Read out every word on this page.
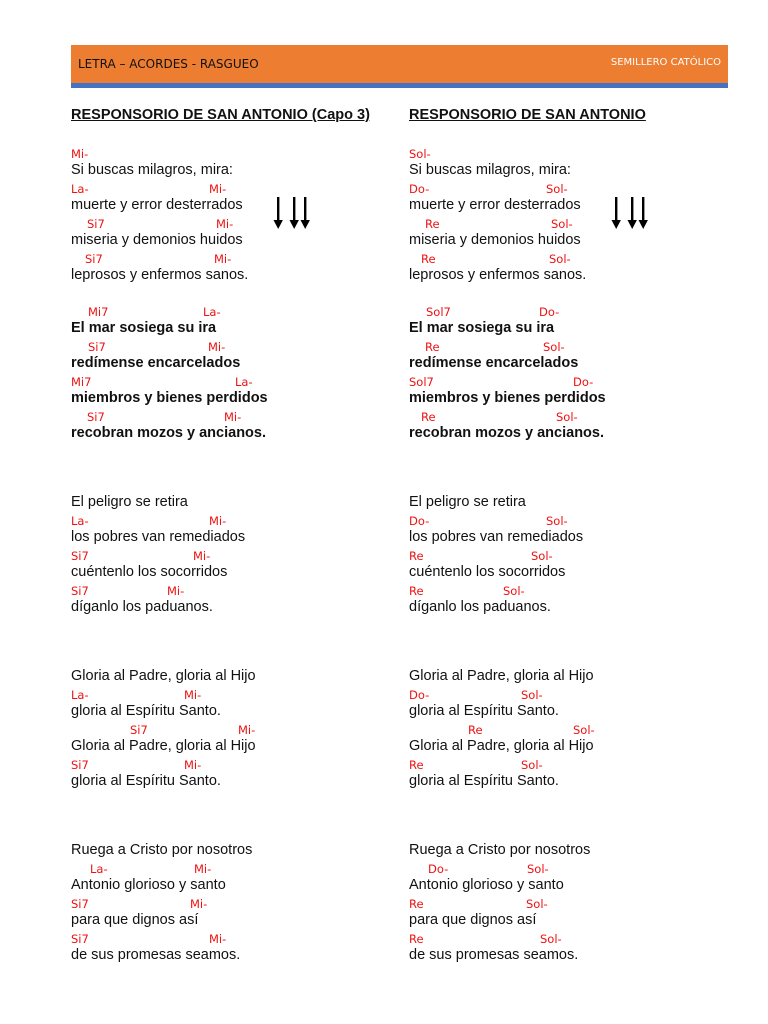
LETRA – ACORDES - RASGUEO	SEMILLERO CATÓLICO
RESPONSORIO DE SAN ANTONIO (Capo 3)
Mi-
Si buscas milagros, mira:
La-	Mi-
muerte y error desterrados
Si7	Mi-
miseria y demonios huidos
Si7	Mi-
leprosos y enfermos sanos.
Mi7	La-
El mar sosiega su ira
Si7	Mi-
redímense encarcelados
Mi7	La-
miembros y bienes perdidos
Si7	Mi-
recobran mozos y ancianos.
El peligro se retira
La-	Mi-
los pobres van remediados
Si7	Mi-
cuéntenlo los socorridos
Si7	Mi-
díganlo los paduanos.
Gloria al Padre, gloria al Hijo
La-	Mi-
gloria al Espíritu Santo.
Si7	Mi-
Gloria al Padre, gloria al Hijo
Si7	Mi-
gloria al Espíritu Santo.
Ruega a Cristo por nosotros
La-	Mi-
Antonio glorioso y santo
Si7	Mi-
para que dignos así
Si7	Mi-
de sus promesas seamos.
RESPONSORIO DE SAN ANTONIO
Sol-
Si buscas milagros, mira:
Do-	Sol-
muerte y error desterrados
Re	Sol-
miseria y demonios huidos
Re	Sol-
leprosos y enfermos sanos.
Sol7	Do-
El mar sosiega su ira
Re	Sol-
redímense encarcelados
Sol7	Do-
miembros y bienes perdidos
Re	Sol-
recobran mozos y ancianos.
El peligro se retira
Do-	Sol-
los pobres van remediados
Re	Sol-
cuéntenlo los socorridos
Re	Sol-
díganlo los paduanos.
Gloria al Padre, gloria al Hijo
Do-	Sol-
gloria al Espíritu Santo.
Re	Sol-
Gloria al Padre, gloria al Hijo
Re	Sol-
gloria al Espíritu Santo.
Ruega a Cristo por nosotros
Do-	Sol-
Antonio glorioso y santo
Re	Sol-
para que dignos así
Re	Sol-
de sus promesas seamos.
